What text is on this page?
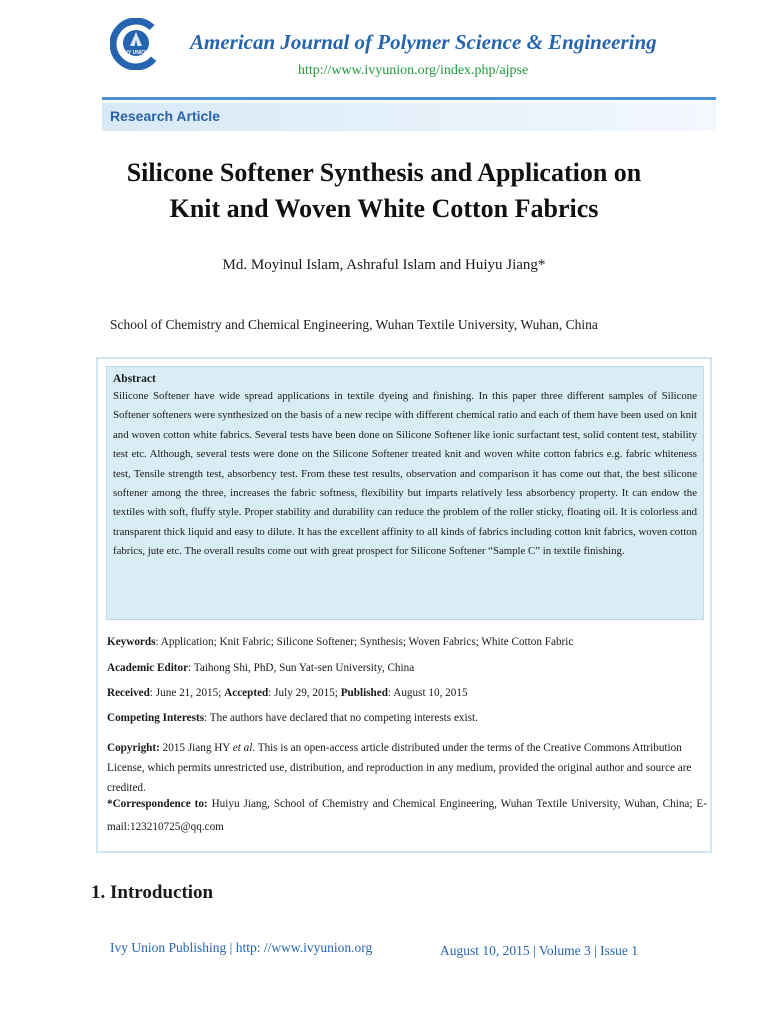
IVY UNION American Journal of Polymer Science & Engineering
http://www.ivyunion.org/index.php/ajpse
Research Article
Silicone Softener Synthesis and Application on
Knit and Woven White Cotton Fabrics
Md. Moyinul Islam, Ashraful Islam and Huiyu Jiang*
School of Chemistry and Chemical Engineering, Wuhan Textile University, Wuhan, China
Abstract

Silicone Softener have wide spread applications in textile dyeing and finishing. In this paper three different samples of Silicone Softener softeners were synthesized on the basis of a new recipe with different chemical ratio and each of them have been used on knit and woven cotton white fabrics. Several tests have been done on Silicone Softener like ionic surfactant test, solid content test, stability test etc. Although, several tests were done on the Silicone Softener treated knit and woven white cotton fabrics e.g. fabric whiteness test, Tensile strength test, absorbency test. From these test results, observation and comparison it has come out that, the best silicone softener among the three, increases the fabric softness, flexibility but imparts relatively less absorbency property. It can endow the textiles with soft, fluffy style. Proper stability and durability can reduce the problem of the roller sticky, floating oil. It is colorless and transparent thick liquid and easy to dilute. It has the excellent affinity to all kinds of fabrics including cotton knit fabrics, woven cotton fabrics, jute etc. The overall results come out with great prospect for Silicone Softener “Sample C” in textile finishing.

Keywords: Application; Knit Fabric; Silicone Softener; Synthesis; Woven Fabrics; White Cotton Fabric
Academic Editor: Taihong Shi, PhD, Sun Yat-sen University, China
Received: June 21, 2015; Accepted: July 29, 2015; Published: August 10, 2015
Competing Interests: The authors have declared that no competing interests exist.
Copyright: 2015 Jiang HY et al. This is an open-access article distributed under the terms of the Creative Commons Attribution License, which permits unrestricted use, distribution, and reproduction in any medium, provided the original author and source are credited.
*Correspondence to: Huiyu Jiang, School of Chemistry and Chemical Engineering, Wuhan Textile University, Wuhan, China; E-mail:123210725@qq.com
1. Introduction
Ivy Union Publishing | http: //www.ivyunion.org	August 10, 2015 | Volume 3 | Issue 1
